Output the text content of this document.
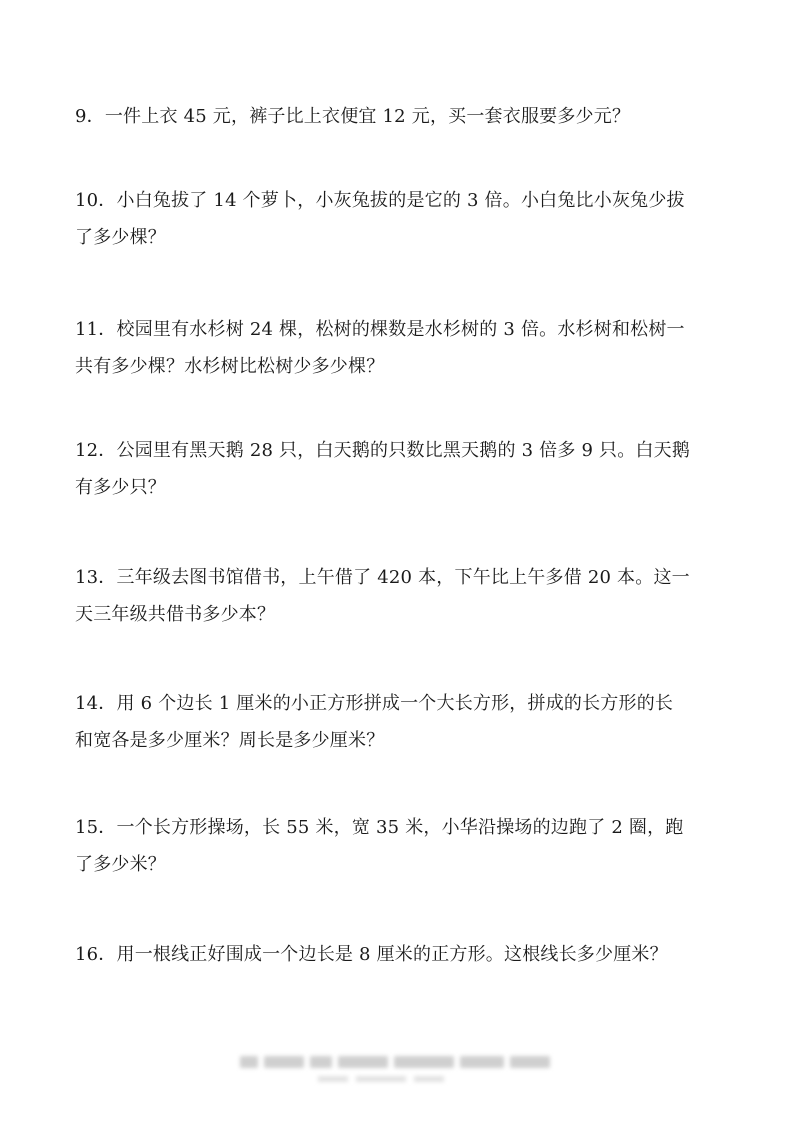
9．一件上衣 45 元，裤子比上衣便宜 12 元，买一套衣服要多少元？
10．小白兔拔了 14 个萝卜，小灰兔拔的是它的 3 倍。小白兔比小灰兔少拔
了多少棵？
11．校园里有水杉树 24 棵，松树的棵数是水杉树的 3 倍。水杉树和松树一
共有多少棵？水杉树比松树少多少棵？
12．公园里有黑天鹅 28 只，白天鹅的只数比黑天鹅的 3 倍多 9 只。白天鹅
有多少只？
13．三年级去图书馆借书，上午借了 420 本，下午比上午多借 20 本。这一
天三年级共借书多少本？
14．用 6 个边长 1 厘米的小正方形拼成一个大长方形，拼成的长方形的长
和宽各是多少厘米？周长是多少厘米？
15．一个长方形操场，长 55 米，宽 35 米，小华沿操场的边跑了 2 圈，跑
了多少米？
16．用一根线正好围成一个边长是 8 厘米的正方形。这根线长多少厘米？
